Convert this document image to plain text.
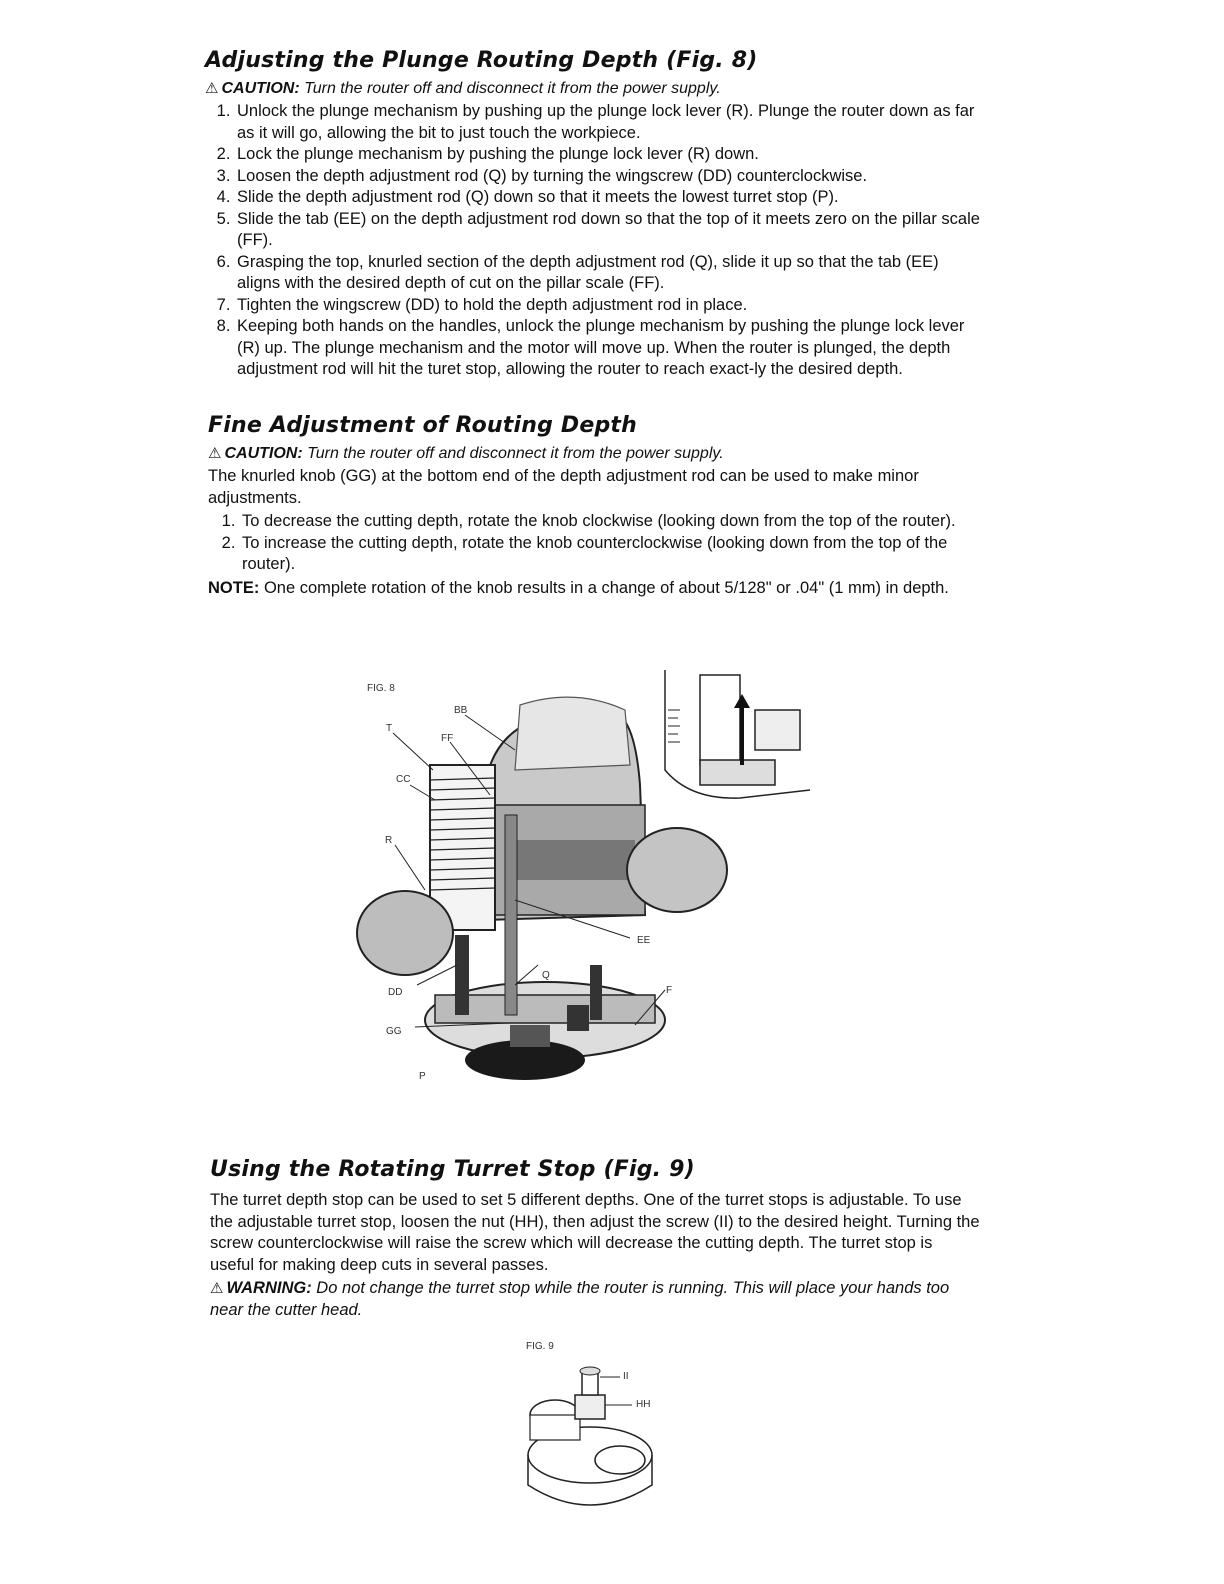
Adjusting the Plunge Routing Depth (Fig. 8)
⚠ CAUTION: Turn the router off and disconnect it from the power supply.
1. Unlock the plunge mechanism by pushing up the plunge lock lever (R). Plunge the router down as far as it will go, allowing the bit to just touch the workpiece.
2. Lock the plunge mechanism by pushing the plunge lock lever (R) down.
3. Loosen the depth adjustment rod (Q) by turning the wingscrew (DD) counterclockwise.
4. Slide the depth adjustment rod (Q) down so that it meets the lowest turret stop (P).
5. Slide the tab (EE) on the depth adjustment rod down so that the top of it meets zero on the pillar scale (FF).
6. Grasping the top, knurled section of the depth adjustment rod (Q), slide it up so that the tab (EE) aligns with the desired depth of cut on the pillar scale (FF).
7. Tighten the wingscrew (DD) to hold the depth adjustment rod in place.
8. Keeping both hands on the handles, unlock the plunge mechanism by pushing the plunge lock lever (R) up. The plunge mechanism and the motor will move up. When the router is plunged, the depth adjustment rod will hit the turet stop, allowing the router to reach exact-ly the desired depth.
Fine Adjustment of Routing Depth
⚠ CAUTION: Turn the router off and disconnect it from the power supply.

The knurled knob (GG) at the bottom end of the depth adjustment rod can be used to make minor adjustments.

1. To decrease the cutting depth, rotate the knob clockwise (looking down from the top of the router).
2. To increase the cutting depth, rotate the knob counterclockwise (looking down from the top of the router).

NOTE: One complete rotation of the knob results in a change of about 5/128" or .04" (1 mm) in depth.

FIG. 8
BB
T
FF
CC
R
EE
Q
DD	F
GG
P
Using the Rotating Turret Stop (Fig. 9)

The turret depth stop can be used to set 5 different depths. One of the turret stops is adjustable. To use the adjustable turret stop, loosen the nut (HH), then adjust the screw (II) to the desired height. Turning the screw counterclockwise will raise the screw which will decrease the cutting depth. The turret stop is useful for making deep cuts in several passes.

⚠ WARNING: Do not change the turret stop while the router is running. This will place your hands too near the cutter head.

FIG. 9
II
HH
